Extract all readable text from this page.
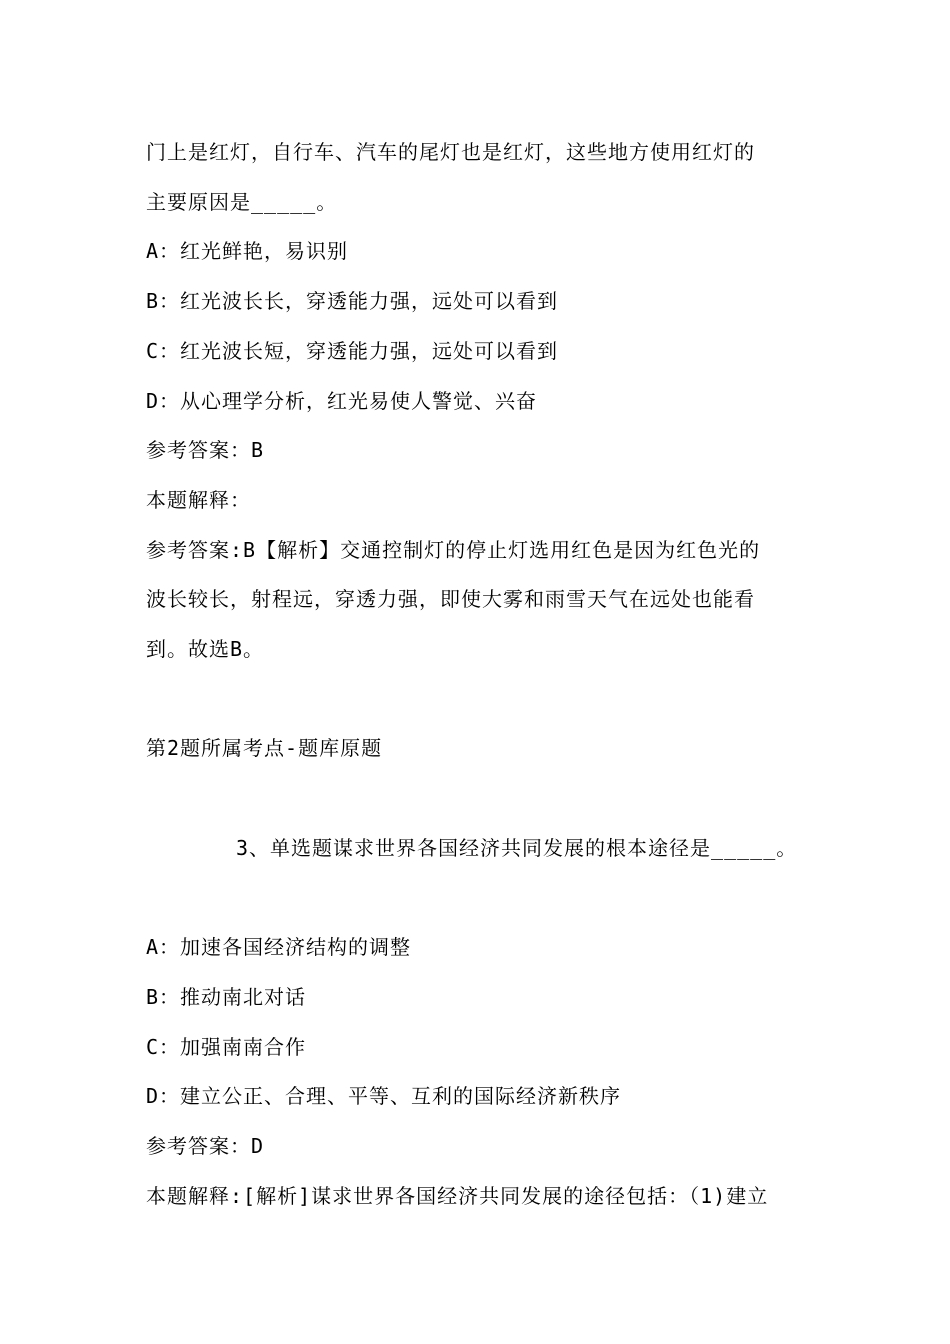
门上是红灯，自行车、汽车的尾灯也是红灯，这些地方使用红灯的
主要原因是_____。
A：红光鲜艳，易识别
B：红光波长长，穿透能力强，远处可以看到
C：红光波长短，穿透能力强，远处可以看到
D：从心理学分析，红光易使人警觉、兴奋
参考答案：B
本题解释：
参考答案:B【解析】交通控制灯的停止灯选用红色是因为红色光的
波长较长，射程远，穿透力强，即使大雾和雨雪天气在远处也能看
到。故选B。
第2题所属考点-题库原题
3、单选题谋求世界各国经济共同发展的根本途径是_____。
A：加速各国经济结构的调整
B：推动南北对话
C：加强南南合作
D：建立公正、合理、平等、互利的国际经济新秩序
参考答案：D
本题解释:[解析]谋求世界各国经济共同发展的途径包括：（1)建立
